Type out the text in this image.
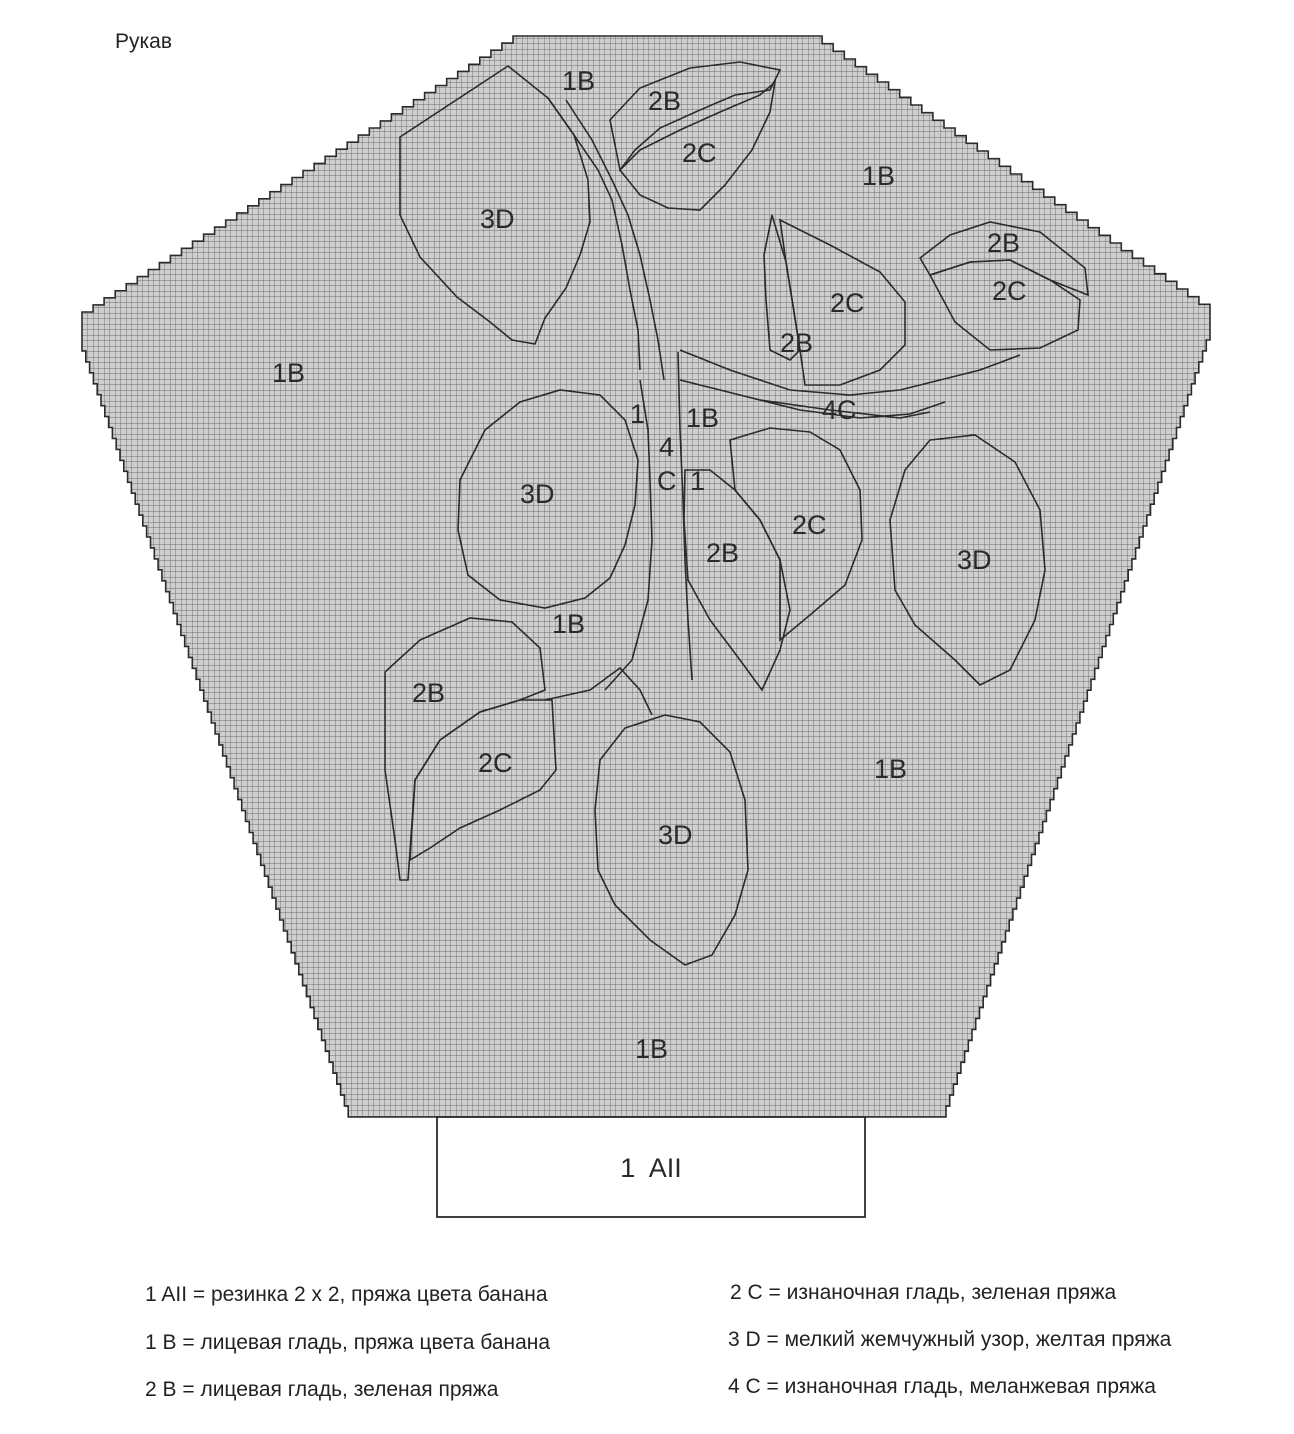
Рукав
1B
2B
2C
1B
3D
2B
2C
2C
2B
1B
1 1B	4C
4
C 1
3D
2C
2B	3D
1B
2B
2C	1B
3D
1B
1  AII
1 AII = резинка 2 х 2, пряжа цвета банана
1 В = лицевая гладь, пряжа цвета банана
2 В = лицевая гладь, зеленая пряжа
2 С = изнаночная гладь, зеленая пряжа
3 D = мелкий жемчужный узор, желтая пряжа
4 С = изнаночная гладь, меланжевая пряжа
